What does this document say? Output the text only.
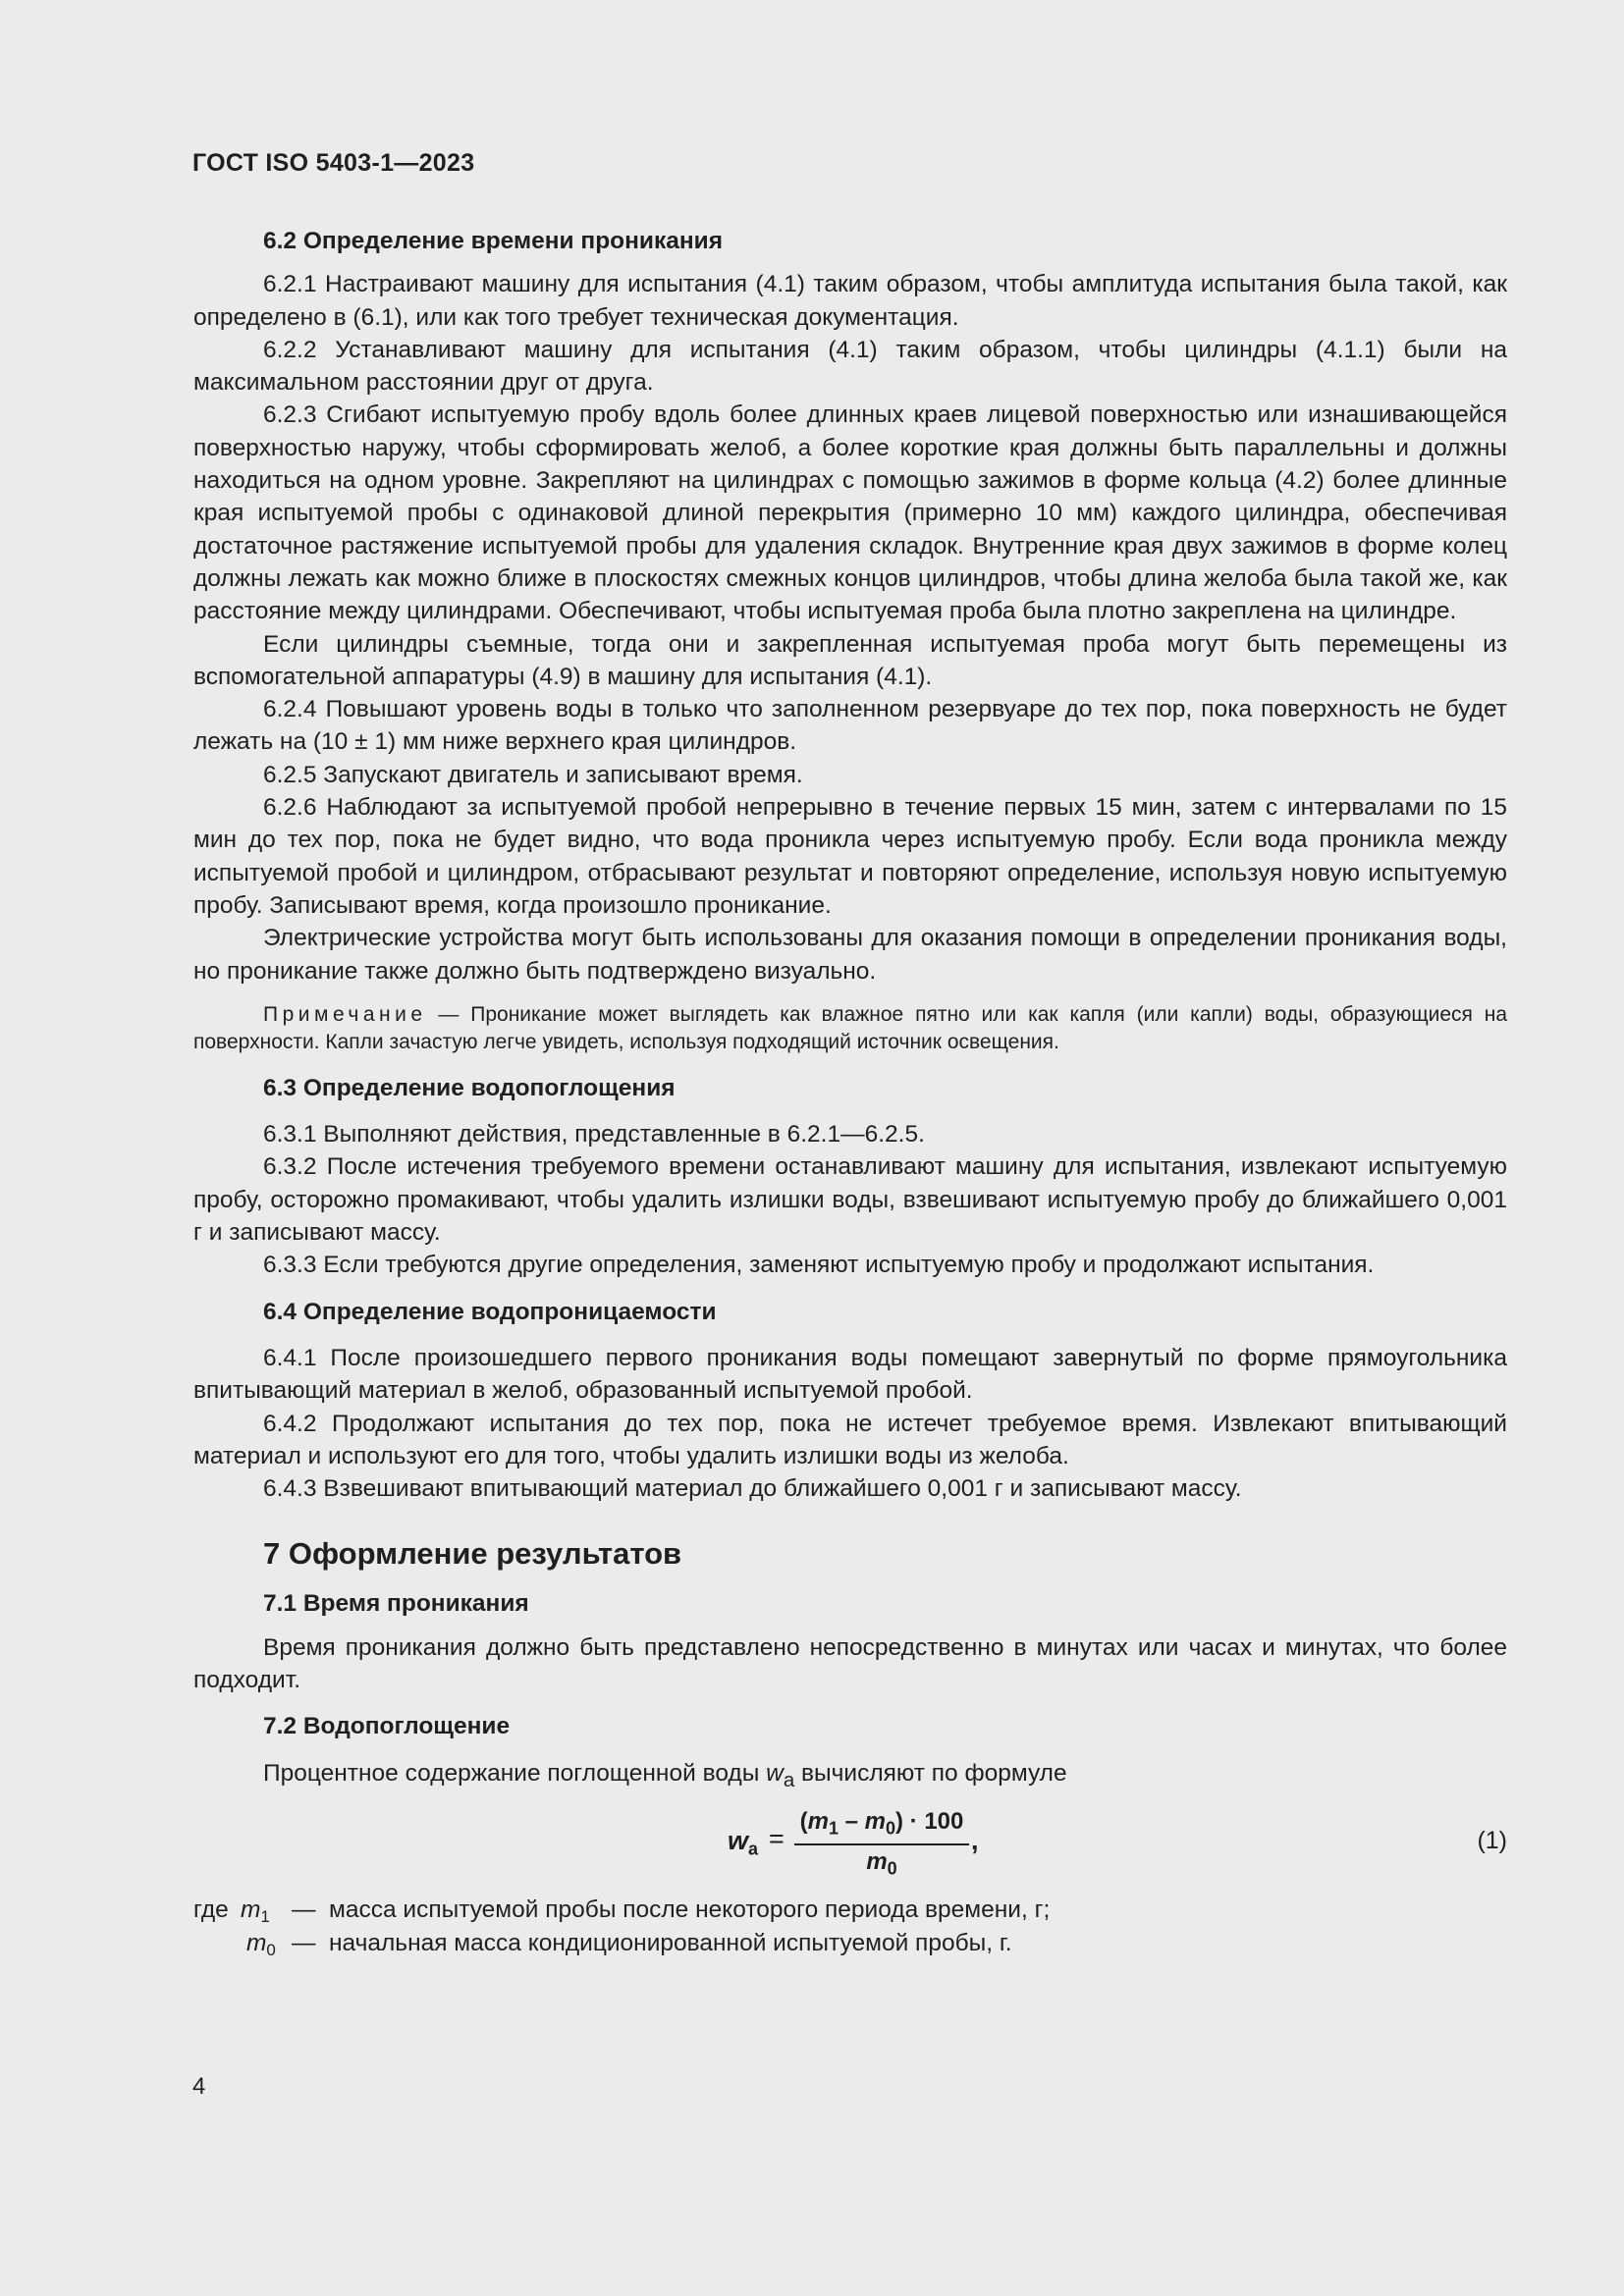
ГОСТ ISO 5403-1—2023
6.2 Определение времени проникания
6.2.1 Настраивают машину для испытания (4.1) таким образом, чтобы амплитуда испытания была такой, как определено в (6.1), или как того требует техническая документация.
6.2.2 Устанавливают машину для испытания (4.1) таким образом, чтобы цилиндры (4.1.1) были на максимальном расстоянии друг от друга.
6.2.3 Сгибают испытуемую пробу вдоль более длинных краев лицевой поверхностью или изнашивающейся поверхностью наружу, чтобы сформировать желоб, а более короткие края должны быть параллельны и должны находиться на одном уровне. Закрепляют на цилиндрах с помощью зажимов в форме кольца (4.2) более длинные края испытуемой пробы с одинаковой длиной перекрытия (примерно 10 мм) каждого цилиндра, обеспечивая достаточное растяжение испытуемой пробы для удаления складок. Внутренние края двух зажимов в форме колец должны лежать как можно ближе в плоскостях смежных концов цилиндров, чтобы длина желоба была такой же, как расстояние между цилиндрами. Обеспечивают, чтобы испытуемая проба была плотно закреплена на цилиндре.
Если цилиндры съемные, тогда они и закрепленная испытуемая проба могут быть перемещены из вспомогательной аппаратуры (4.9) в машину для испытания (4.1).
6.2.4 Повышают уровень воды в только что заполненном резервуаре до тех пор, пока поверхность не будет лежать на (10 ± 1) мм ниже верхнего края цилиндров.
6.2.5 Запускают двигатель и записывают время.
6.2.6 Наблюдают за испытуемой пробой непрерывно в течение первых 15 мин, затем с интервалами по 15 мин до тех пор, пока не будет видно, что вода проникла через испытуемую пробу. Если вода проникла между испытуемой пробой и цилиндром, отбрасывают результат и повторяют определение, используя новую испытуемую пробу. Записывают время, когда произошло проникание.
Электрические устройства могут быть использованы для оказания помощи в определении проникания воды, но проникание также должно быть подтверждено визуально.
Примечание — Проникание может выглядеть как влажное пятно или как капля (или капли) воды, образующиеся на поверхности. Капли зачастую легче увидеть, используя подходящий источник освещения.
6.3 Определение водопоглощения
6.3.1 Выполняют действия, представленные в 6.2.1—6.2.5.
6.3.2 После истечения требуемого времени останавливают машину для испытания, извлекают испытуемую пробу, осторожно промакивают, чтобы удалить излишки воды, взвешивают испытуемую пробу до ближайшего 0,001 г и записывают массу.
6.3.3 Если требуются другие определения, заменяют испытуемую пробу и продолжают испытания.
6.4 Определение водопроницаемости
6.4.1 После произошедшего первого проникания воды помещают завернутый по форме прямоугольника впитывающий материал в желоб, образованный испытуемой пробой.
6.4.2 Продолжают испытания до тех пор, пока не истечет требуемое время. Извлекают впитывающий материал и используют его для того, чтобы удалить излишки воды из желоба.
6.4.3 Взвешивают впитывающий материал до ближайшего 0,001 г и записывают массу.
7 Оформление результатов
7.1 Время проникания
Время проникания должно быть представлено непосредственно в минутах или часах и минутах, что более подходит.
7.2 Водопоглощение
Процентное содержание поглощенной воды $w_a$ вычисляют по формуле
$w_a$ =
$(m_1 - m_0) \cdot 100$
$m_0$
,	(1)
где $m_1$ — масса испытуемой пробы после некоторого периода времени, г;
$m_0$ — начальная масса кондиционированной испытуемой пробы, г.
4
